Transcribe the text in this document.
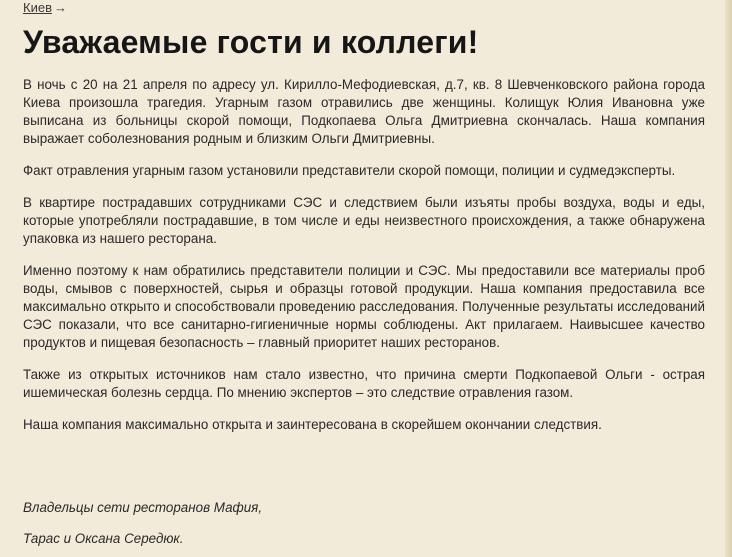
Киев →
Уважаемые гости и коллеги!

В ночь с 20 на 21 апреля по адресу ул. Кирилло-Мефодиевская, д.7, кв. 8 Шевченковского района города Киева произошла трагедия. Угарным газом отравились две женщины. Колищук Юлия Ивановна уже выписана из больницы скорой помощи, Подкопаева Ольга Дмитриевна скончалась. Наша компания выражает соболезнования родным и близким Ольги Дмитриевны.

Факт отравления угарным газом установили представители скорой помощи, полиции и судмедэксперты.

В квартире пострадавших сотрудниками СЭС и следствием были изъяты пробы воздуха, воды и еды, которые употребляли пострадавшие, в том числе и еды неизвестного происхождения, а также обнаружена упаковка из нашего ресторана.

Именно поэтому к нам обратились представители полиции и СЭС. Мы предоставили все материалы проб воды, смывов с поверхностей, сырья и образцы готовой продукции. Наша компания предоставила все максимально открыто и способствовали проведению расследования. Полученные результаты исследований СЭС показали, что все санитарно-гигиеничные нормы соблюдены. Акт прилагаем. Наивысшее качество продуктов и пищевая безопасность – главный приоритет наших ресторанов.

Также из открытых источников нам стало известно, что причина смерти Подкопаевой Ольги - острая ишемическая болезнь сердца. По мнению экспертов – это следствие отравления газом.

Наша компания максимально открыта и заинтересована в скорейшем окончании следствия.

Владельцы сети ресторанов Мафия,
Тарас и Оксана Середюк.
